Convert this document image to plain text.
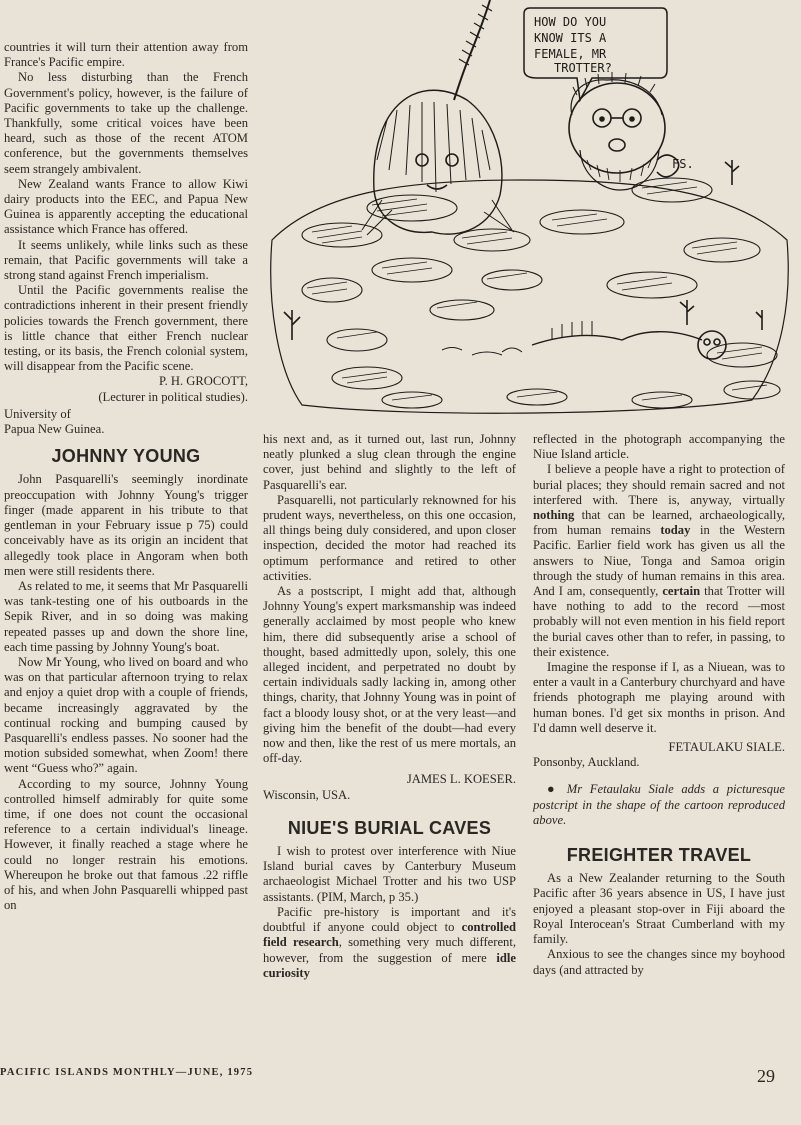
HOW DO YOU
KNOW ITS A
FEMALE, MR
TROTTER?
FS.

countries it will turn their attention away from France's Pacific empire.

No less disturbing than the French Government's policy, however, is the failure of Pacific governments to take up the challenge. Thankfully, some critical voices have been heard, such as those of the recent ATOM conference, but the governments themselves seem strangely ambivalent.

New Zealand wants France to allow Kiwi dairy products into the EEC, and Papua New Guinea is apparently accepting the educational assistance which France has offered.

It seems unlikely, while links such as these remain, that Pacific governments will take a strong stand against French imperialism.

Until the Pacific governments realise the contradictions inherent in their present friendly policies towards the French government, there is little chance that either French nuclear testing, or its basis, the French colonial system, will disappear from the Pacific scene.

P. H. GROCOTT,
(Lecturer in political studies).
University of
Papua New Guinea.
JOHNNY YOUNG

John Pasquarelli's seemingly inordinate preoccupation with Johnny Young's trigger finger (made apparent in his tribute to that gentleman in your February issue p 75) could conceivably have as its origin an incident that allegedly took place in Angoram when both men were still residents there.

As related to me, it seems that Mr Pasquarelli was tank-testing one of his outboards in the Sepik River, and in so doing was making repeated passes up and down the shore line, each time passing by Johnny Young's boat.

Now Mr Young, who lived on board and who was on that particular afternoon trying to relax and enjoy a quiet drop with a couple of friends, became increasingly aggravated by the continual rocking and bumping caused by Pasquarelli's endless passes. No sooner had the motion subsided somewhat, when Zoom! there went “Guess who?” again.

According to my source, Johnny Young controlled himself admirably for quite some time, if one does not count the occasional reference to a certain individual's lineage. However, it finally reached a stage where he could no longer restrain his emotions. Whereupon he broke out that famous .22 riffle of his, and when John Pasquarelli whipped past on

his next and, as it turned out, last run, Johnny neatly plunked a slug clean through the engine cover, just behind and slightly to the left of Pasquarelli's ear.

Pasquarelli, not particularly reknowned for his prudent ways, nevertheless, on this one occasion, all things being duly considered, and upon closer inspection, decided the motor had reached its optimum performance and retired to other activities.

As a postscript, I might add that, although Johnny Young's expert marksmanship was indeed generally acclaimed by most people who knew him, there did subsequently arise a school of thought, based admittedly upon, solely, this one alleged incident, and perpetrated no doubt by certain individuals sadly lacking in, among other things, charity, that Johnny Young was in point of fact a bloody lousy shot, or at the very least—and giving him the benefit of the doubt—had every now and then, like the rest of us mere mortals, an off-day.

JAMES L. KOESER.
Wisconsin, USA.
NIUE'S BURIAL CAVES

I wish to protest over interference with Niue Island burial caves by Canterbury Museum archaeologist Michael Trotter and his two USP assistants. (PIM, March, p 35.)

Pacific pre-history is important and it's doubtful if anyone could object to controlled field research, something very much different, however, from the suggestion of mere idle curiosity

reflected in the photograph accompanying the Niue Island article.

I believe a people have a right to protection of burial places; they should remain sacred and not interfered with. There is, anyway, virtually nothing that can be learned, archaeologically, from human remains today in the Western Pacific. Earlier field work has given us all the answers to Niue, Tonga and Samoa origin through the study of human remains in this area. And I am, consequently, certain that Trotter will have nothing to add to the record —most probably will not even mention in his field report the burial caves other than to refer, in passing, to their existence.

Imagine the response if I, as a Niuean, was to enter a vault in a Canterbury churchyard and have friends photograph me playing around with human bones. I'd get six months in prison. And I'd damn well deserve it.

FETAULAKU SIALE.
Ponsonby, Auckland.

● Mr Fetaulaku Siale adds a picturesque postcript in the shape of the cartoon reproduced above.

FREIGHTER TRAVEL

As a New Zealander returning to the South Pacific after 36 years absence in US, I have just enjoyed a pleasant stop-over in Fiji aboard the Royal Interocean's Straat Cumberland with my family.

Anxious to see the changes since my boyhood days (and attracted by

PACIFIC ISLANDS MONTHLY—JUNE, 1975	29
